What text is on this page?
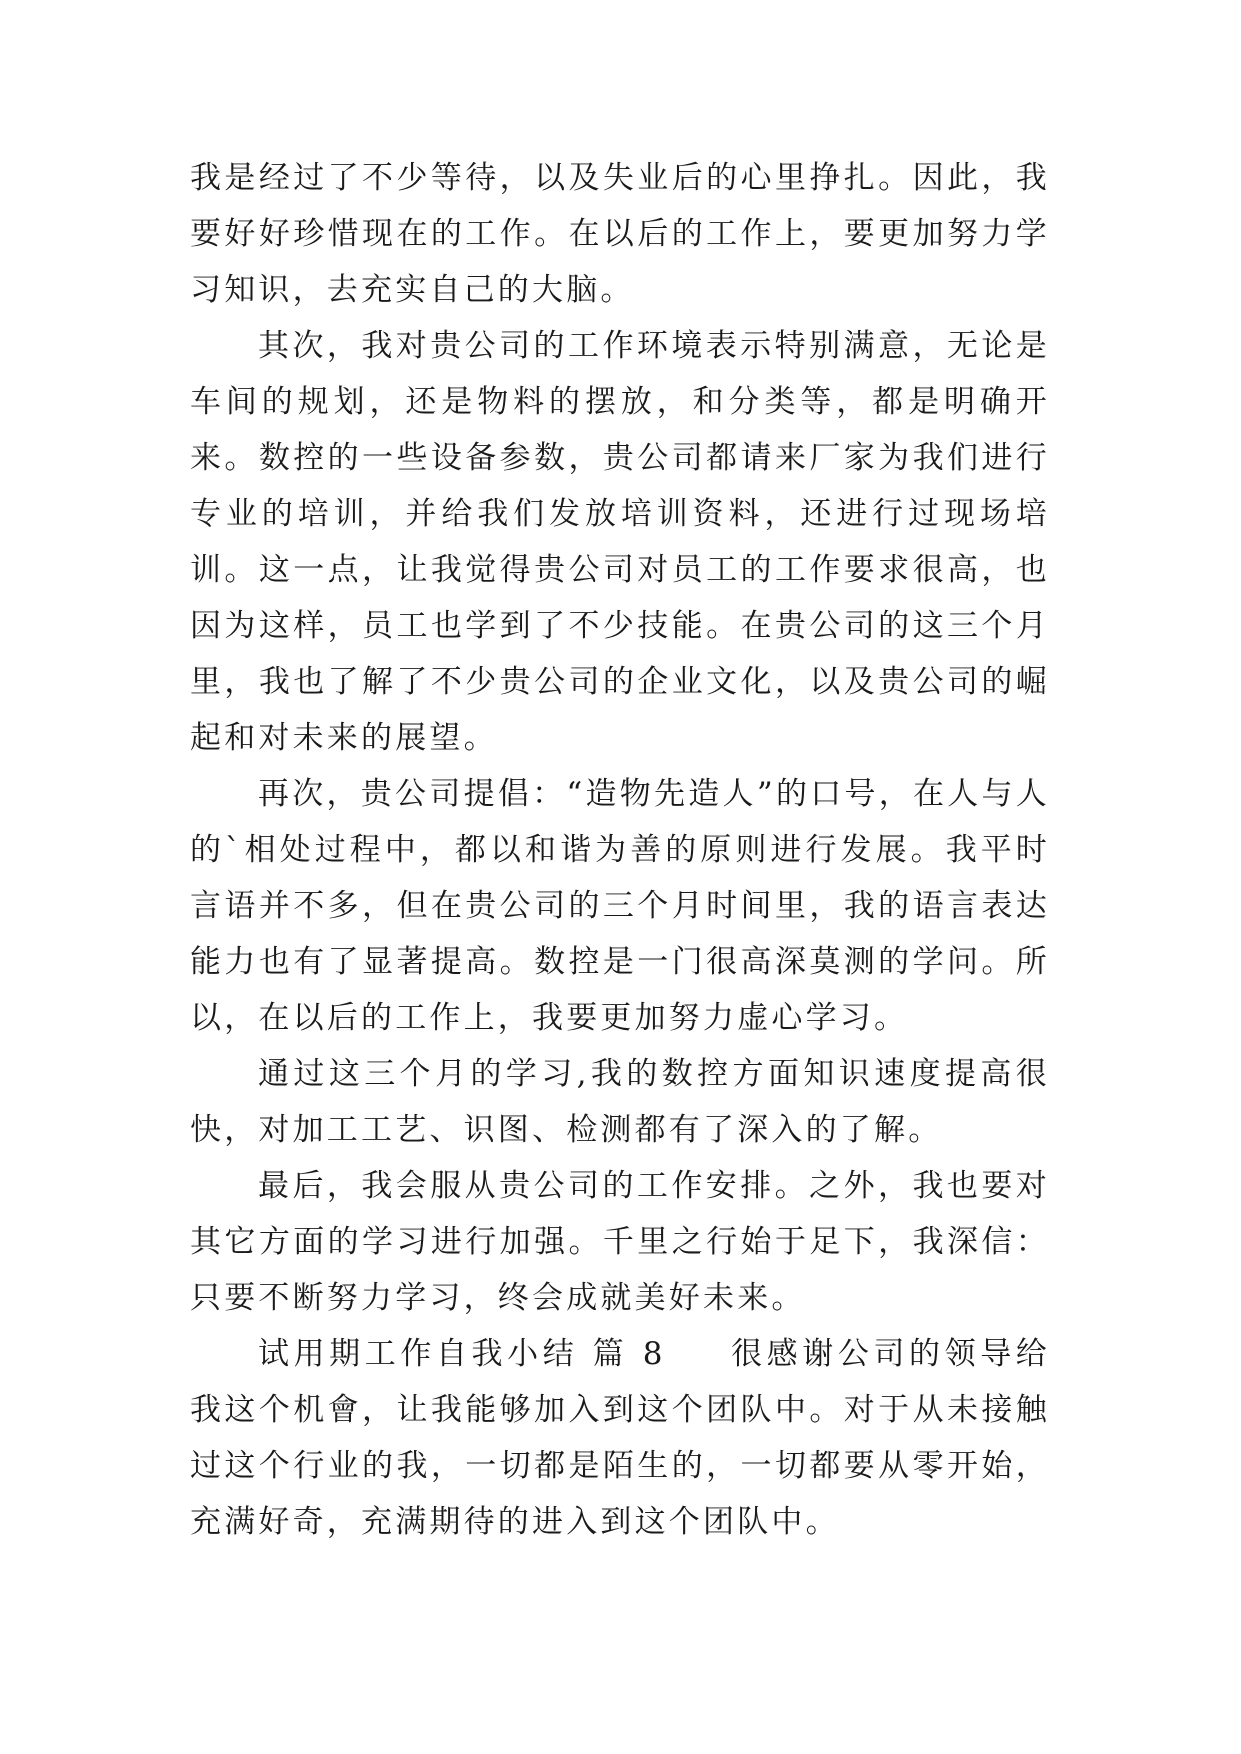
我是经过了不少等待，以及失业后的心里挣扎。因此，我要好好珍惜现在的工作。在以后的工作上，要更加努力学习知识，去充实自己的大脑。

其次，我对贵公司的工作环境表示特别满意，无论是车间的规划，还是物料的摆放，和分类等，都是明确开来。数控的一些设备参数，贵公司都请来厂家为我们进行专业的培训，并给我们发放培训资料，还进行过现场培训。这一点，让我觉得贵公司对员工的工作要求很高，也因为这样，员工也学到了不少技能。在贵公司的这三个月里，我也了解了不少贵公司的企业文化，以及贵公司的崛起和对未来的展望。

再次，贵公司提倡：“造物先造人”的口号，在人与人的`相处过程中，都以和谐为善的原则进行发展。我平时言语并不多，但在贵公司的三个月时间里，我的语言表达能力也有了显著提高。数控是一门很高深莫测的学问。所以，在以后的工作上，我要更加努力虚心学习。

通过这三个月的学习,我的数控方面知识速度提高很快，对加工工艺、识图、检测都有了深入的了解。

最后，我会服从贵公司的工作安排。之外，我也要对其它方面的学习进行加强。千里之行始于足下，我深信：只要不断努力学习，终会成就美好未来。

试用期工作自我小结 篇 8 很感谢公司的领导给我这个机會，让我能够加入到这个团队中。对于从未接触过这个行业的我，一切都是陌生的，一切都要从零开始，充满好奇，充满期待的进入到这个团队中。
